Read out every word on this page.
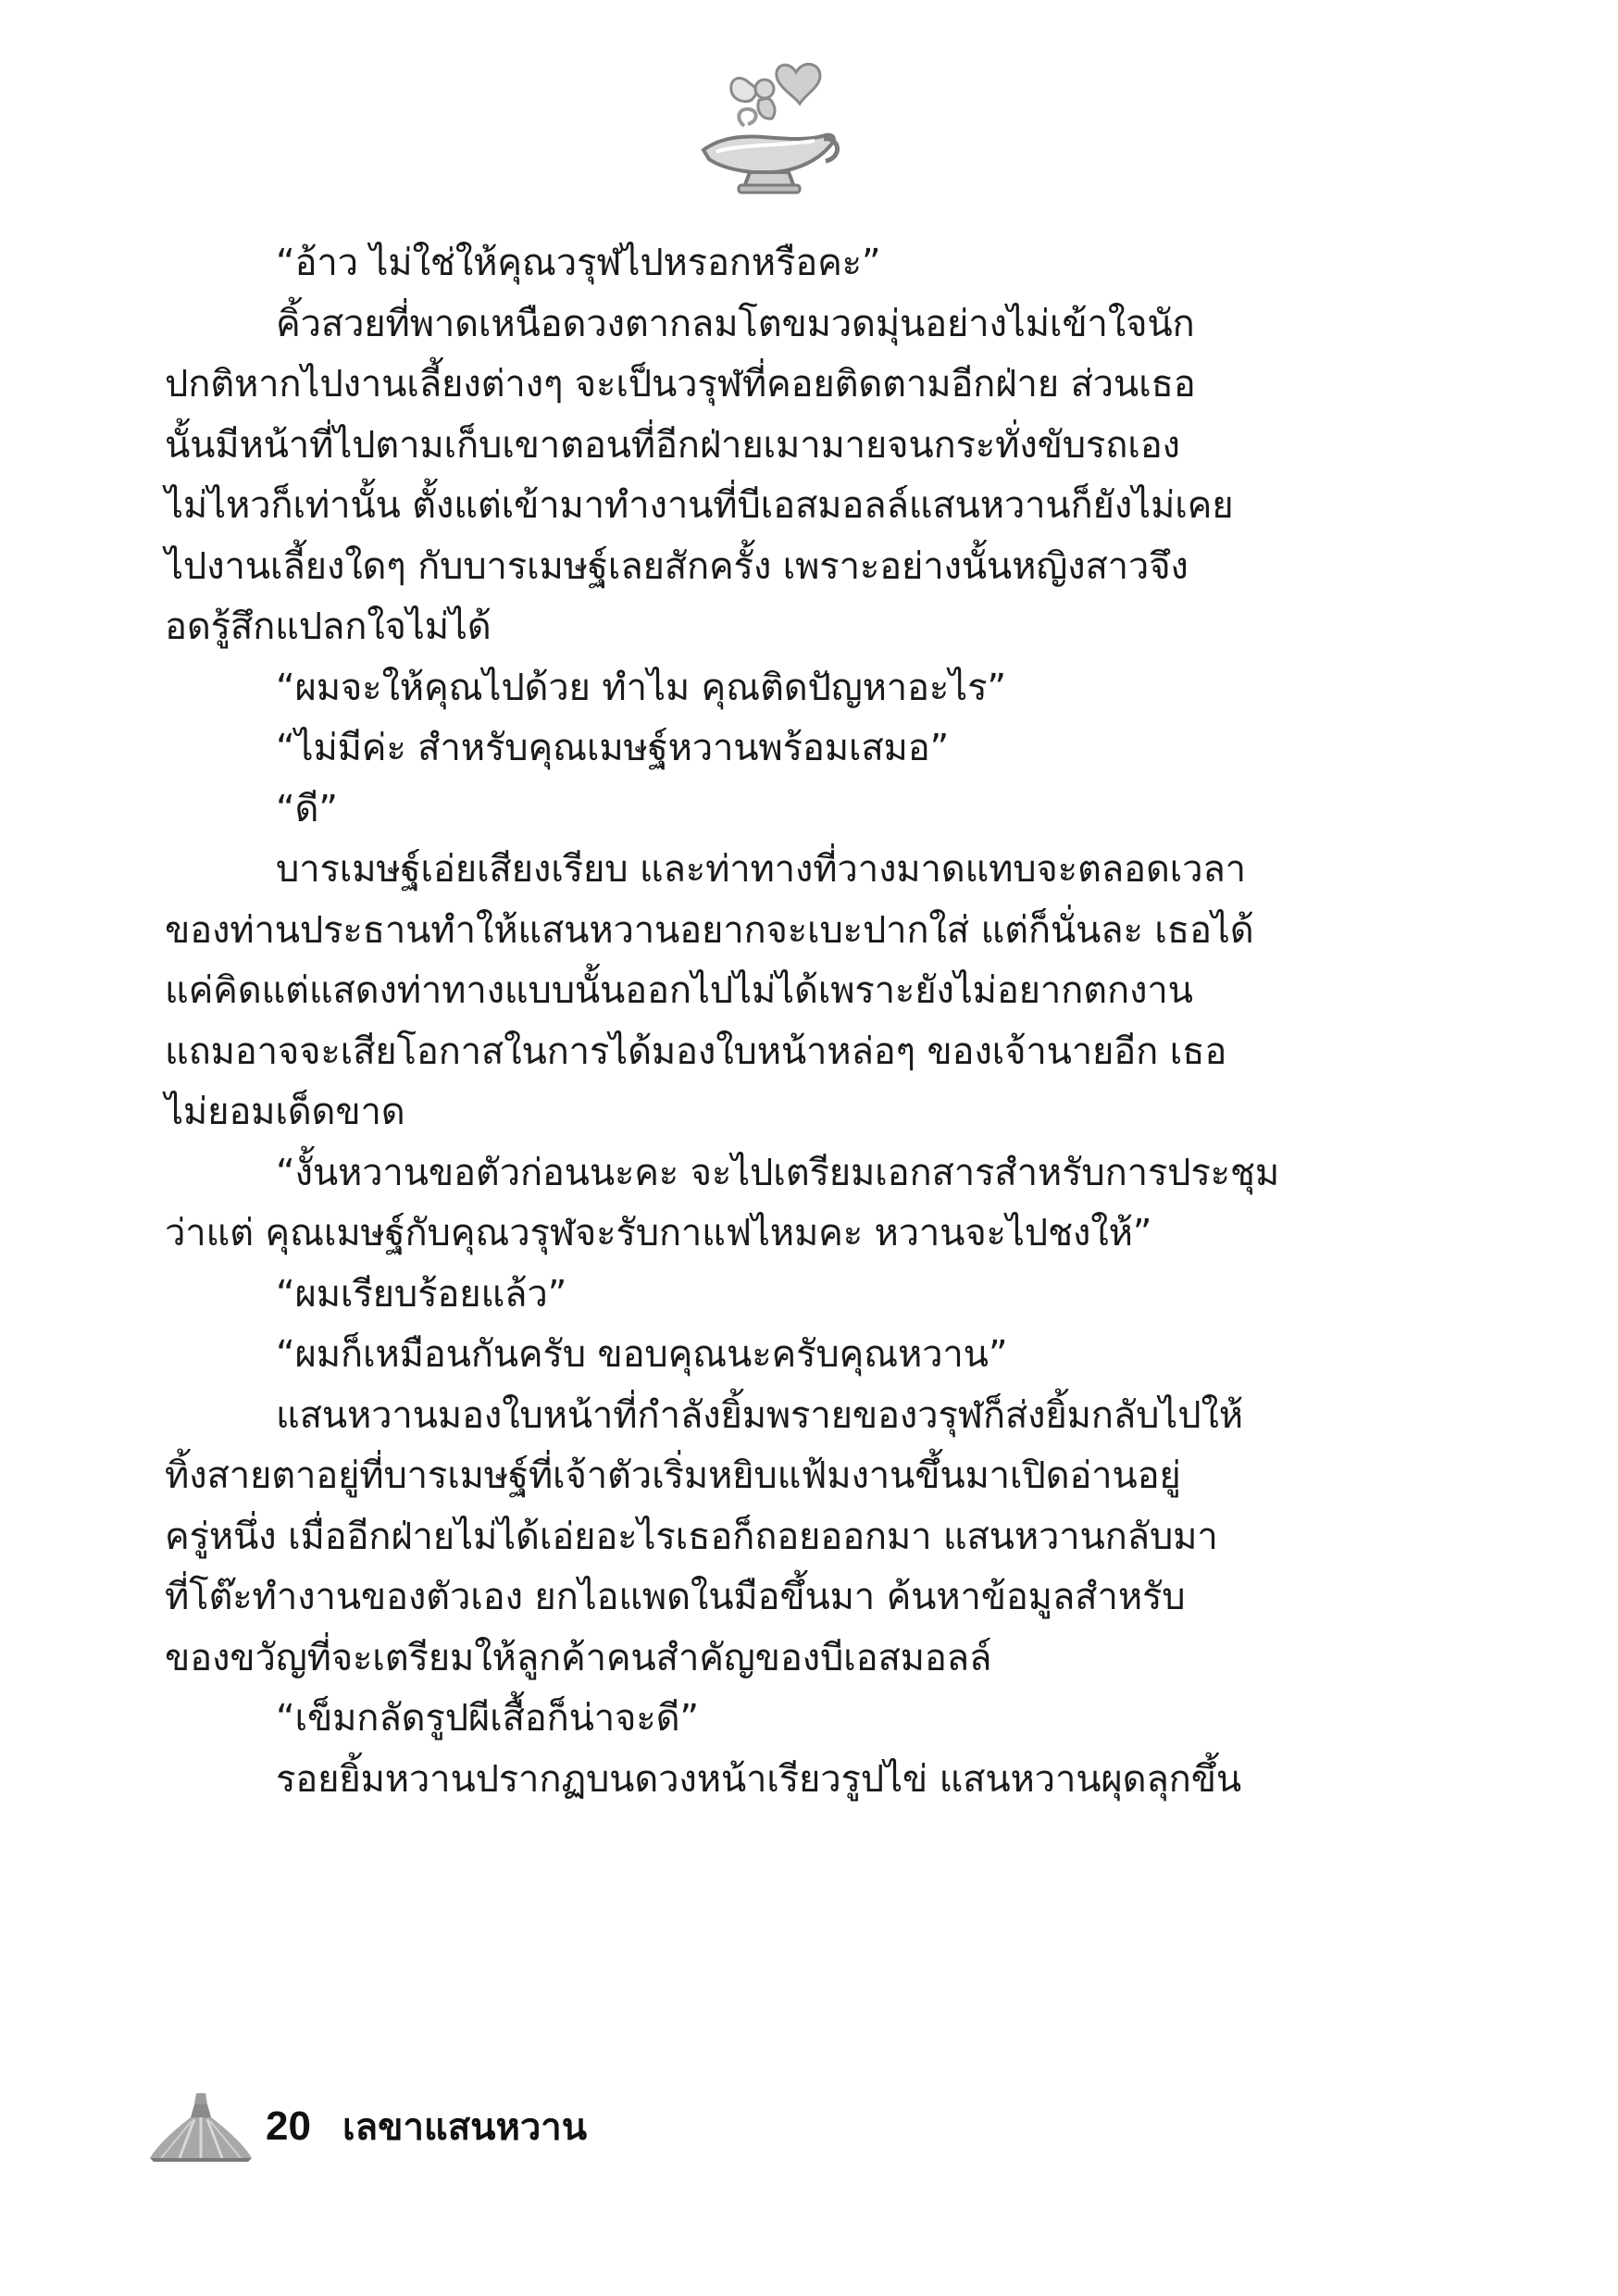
“อ้าว ไม่ใช่ให้คุณวรุฬไปหรอกหรือคะ”

คิ้วสวยที่พาดเหนือดวงตากลมโตขมวดมุ่นอย่างไม่เข้าใจนัก

ปกติหากไปงานเลี้ยงต่างๆ จะเป็นวรุฬที่คอยติดตามอีกฝ่าย ส่วนเธอ

นั้นมีหน้าที่ไปตามเก็บเขาตอนที่อีกฝ่ายเมามายจนกระทั่งขับรถเอง

ไม่ไหวก็เท่านั้น ตั้งแต่เข้ามาทำงานที่บีเอสมอลล์แสนหวานก็ยังไม่เคย

ไปงานเลี้ยงใดๆ กับบารเมษฐ์เลยสักครั้ง เพราะอย่างนั้นหญิงสาวจึง

อดรู้สึกแปลกใจไม่ได้

“ผมจะให้คุณไปด้วย ทำไม คุณติดปัญหาอะไร”

“ไม่มีค่ะ สำหรับคุณเมษฐ์หวานพร้อมเสมอ”

“ดี”

บารเมษฐ์เอ่ยเสียงเรียบ และท่าทางที่วางมาดแทบจะตลอดเวลา

ของท่านประธานทำให้แสนหวานอยากจะเบะปากใส่ แต่ก็นั่นละ เธอได้

แค่คิดแต่แสดงท่าทางแบบนั้นออกไปไม่ได้เพราะยังไม่อยากตกงาน

แถมอาจจะเสียโอกาสในการได้มองใบหน้าหล่อๆ ของเจ้านายอีก เธอ

ไม่ยอมเด็ดขาด

“งั้นหวานขอตัวก่อนนะคะ จะไปเตรียมเอกสารสำหรับการประชุม

ว่าแต่ คุณเมษฐ์กับคุณวรุฬจะรับกาแฟไหมคะ หวานจะไปชงให้”

“ผมเรียบร้อยแล้ว”

“ผมก็เหมือนกันครับ ขอบคุณนะครับคุณหวาน”

แสนหวานมองใบหน้าที่กำลังยิ้มพรายของวรุฬก็ส่งยิ้มกลับไปให้

ทิ้งสายตาอยู่ที่บารเมษฐ์ที่เจ้าตัวเริ่มหยิบแฟ้มงานขึ้นมาเปิดอ่านอยู่

ครู่หนึ่ง เมื่ออีกฝ่ายไม่ได้เอ่ยอะไรเธอก็ถอยออกมา แสนหวานกลับมา

ที่โต๊ะทำงานของตัวเอง ยกไอแพดในมือขึ้นมา ค้นหาข้อมูลสำหรับ

ของขวัญที่จะเตรียมให้ลูกค้าคนสำคัญของบีเอสมอลล์

“เข็มกลัดรูปผีเสื้อก็น่าจะดี”

รอยยิ้มหวานปรากฏบนดวงหน้าเรียวรูปไข่ แสนหวานผุดลุกขึ้น

20 เลขาแสนหวาน
